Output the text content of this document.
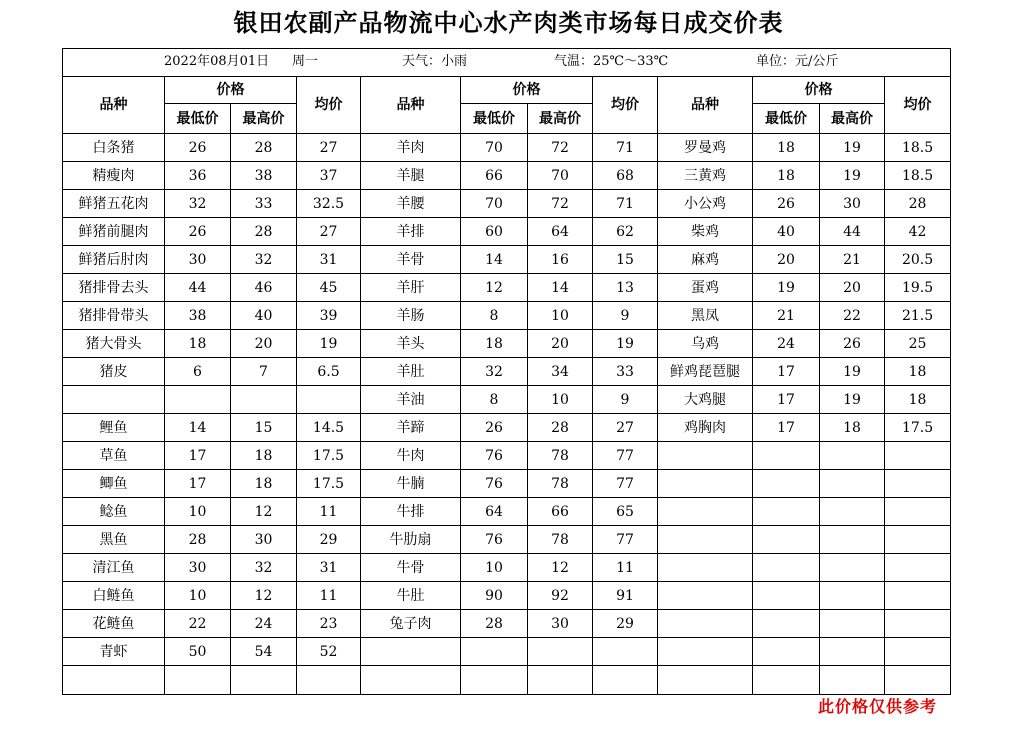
银田农副产品物流中心水产肉类市场每日成交价表
2022年08月01日 周一 天气：小雨 气温：25℃～33℃ 单位：元/公斤											

品种	价格		均价	品种	价格		均价	品种	价格		均价
	最低价	最高价			最低价	最高价			最低价	最高价	
白条猪	26	28	27	羊肉	70	72	71	罗曼鸡	18	19	18.5
精瘦肉	36	38	37	羊腿	66	70	68	三黄鸡	18	19	18.5
鲜猪五花肉	32	33	32.5	羊腰	70	72	71	小公鸡	26	30	28
鲜猪前腿肉	26	28	27	羊排	60	64	62	柴鸡	40	44	42
鲜猪后肘肉	30	32	31	羊骨	14	16	15	麻鸡	20	21	20.5
猪排骨去头	44	46	45	羊肝	12	14	13	蛋鸡	19	20	19.5
猪排骨带头	38	40	39	羊肠	8	10	9	黑凤	21	22	21.5
猪大骨头	18	20	19	羊头	18	20	19	乌鸡	24	26	25
猪皮	6	7	6.5	羊肚	32	34	33	鲜鸡琵琶腿	17	19	18
				羊油	8	10	9	大鸡腿	17	19	18
鲤鱼	14	15	14.5	羊蹄	26	28	27	鸡胸肉	17	18	17.5
草鱼	17	18	17.5	牛肉	76	78	77				
鲫鱼	17	18	17.5	牛腩	76	78	77				
鲶鱼	10	12	11	牛排	64	66	65				
黑鱼	28	30	29	牛肋扇	76	78	77				
清江鱼	30	32	31	牛骨	10	12	11				
白鲢鱼	10	12	11	牛肚	90	92	91				
花鲢鱼	22	24	23	兔子肉	28	30	29				
青虾	50	54	52								

此价格仅供参考
